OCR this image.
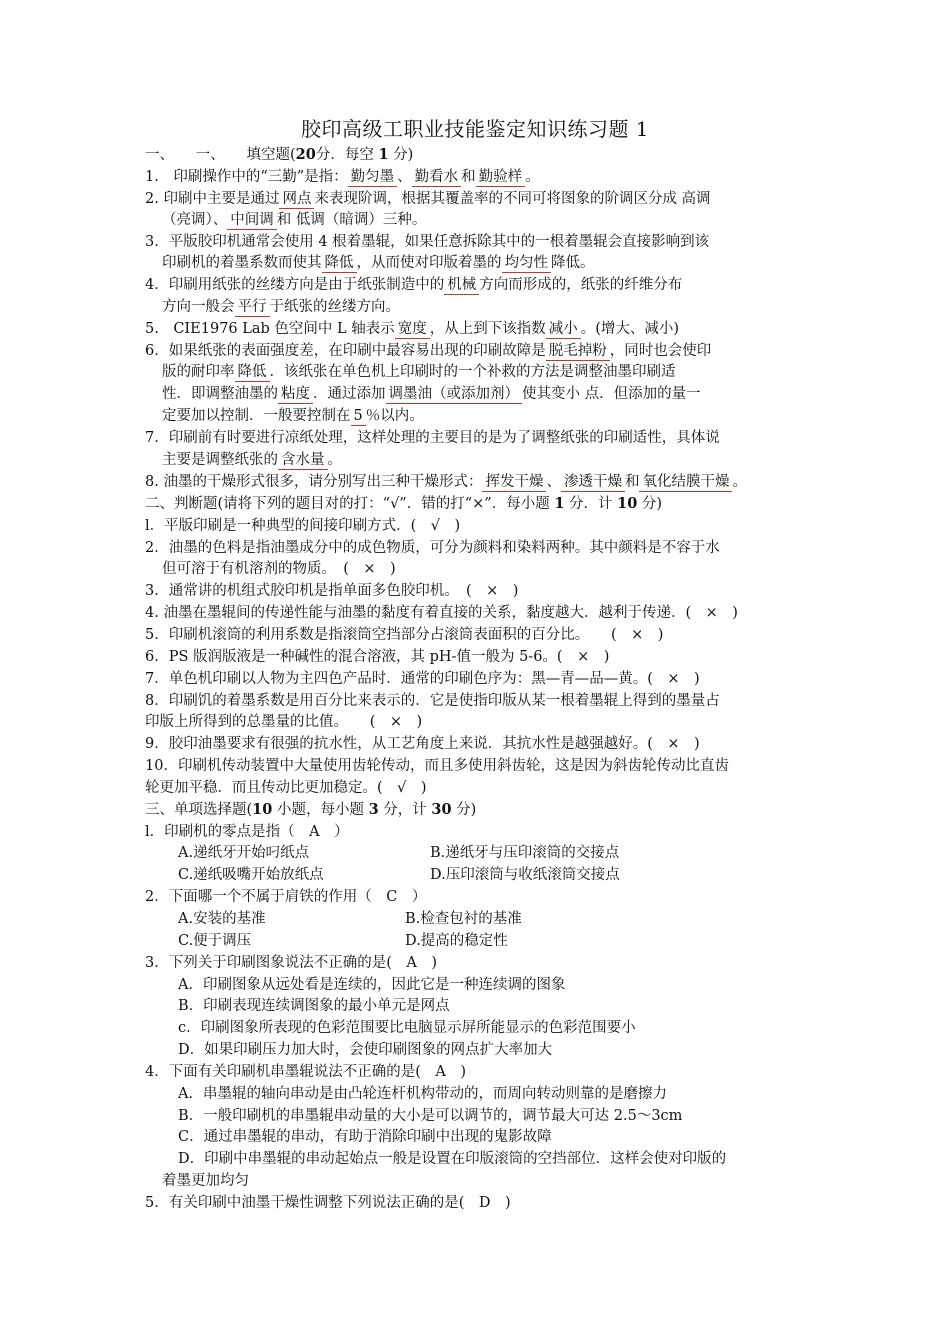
胶印高级工职业技能鉴定知识练习题 1
一、　　一、　　填空题(20分．每空 1 分)
1.　印刷操作中的“三勤”是指： 勤匀墨 、 勤看水 和 勤验样 。
2. 印刷中主要是通过 网点 来表现阶调，根据其覆盖率的不同可将图象的阶调区分成 高调
（亮调）、 中间调 和 低调（暗调）三种。
3．平版胶印机通常会使用 4 根着墨辊，如果任意拆除其中的一根着墨辊会直接影响到该
印刷机的着墨系数而使其 降低 ，从而使对印版着墨的 均匀性 降低。
4．印刷用纸张的丝缕方向是由于纸张制造中的 机械 方向而形成的，纸张的纤维分布
方向一般会 平行 于纸张的丝缕方向。
5.　CIE1976 Lab 色空间中 L 轴表示 宽度 ，从上到下该指数 减小 。(增大、减小)
6．如果纸张的表面强度差，在印刷中最容易出现的印刷故障是 脱毛掉粉 ，同时也会使印
版的耐印率 降低 ．该纸张在单色机上印刷时的一个补救的方法是调整油墨印刷适
性．即调整油墨的 粘度 ．通过添加 调墨油（或添加剂） 使其变小 点．但添加的量一
定要加以控制．一般要控制在 5 ％以内。
7．印刷前有时要进行凉纸处理，这样处理的主要目的是为了调整纸张的印刷适性，具体说
主要是调整纸张的 含水量 。
8. 油墨的干燥形式很多，请分别写出三种干燥形式： 挥发干燥 、 渗透干燥 和 氧化结膜干燥 。
二、判断题(请将下列的题目对的打：“√”．错的打“×”．每小题 1 分．计 10 分)
l．平版印刷是一种典型的间接印刷方式．(　√　)
2．油墨的色料是指油墨成分中的成色物质，可分为颜料和染料两种。其中颜料是不容于水
但可溶于有机溶剂的物质。　(　×　)
3．通常讲的机组式胶印机是指单面多色胶印机。　(　×　)
4. 油墨在墨辊间的传递性能与油墨的黏度有着直接的关系，黏度越大．越利于传递．(　×　)
5．印刷机滚筒的利用系数是指滚筒空挡部分占滚筒表面积的百分比。　　(　×　)
6．PS 版润版液是一种碱性的混合溶液，其 pH-值一般为 5-6。(　×　)
7．单色机印刷以人物为主四色产品时．通常的印刷色序为：黑—青—品—黄。(　×　)
8．印刷饥的着墨系数是用百分比来表示的．它是使指印版从某一根着墨辊上得到的墨量占
印版上所得到的总墨量的比值。　　(　×　)
9．胶印油墨要求有很强的抗水性，从工艺角度上来说．其抗水性是越强越好。(　×　)
10．印刷机传动装置中大量使用齿轮传动，而且多使用斜齿轮，这是因为斜齿轮传动比直齿
轮更加平稳．而且传动比更加稳定。(　√　)
三、单项选择题(10 小题，每小题 3 分，计 30 分)
l．印刷机的零点是指（　A　）
A.递纸牙开始叼纸点	B.递纸牙与压印滚筒的交接点
C.递纸吸嘴开始放纸点	D.压印滚筒与收纸滚筒交接点
2．下面哪一个不属于肩铁的作用（　C　）
A.安装的基准	B.检查包衬的基准
C.便于调压	D.提高的稳定性
3．下列关于印刷图象说法不正确的是(　A　)
A．印刷图象从远处看是连续的，因此它是一种连续调的图象
B．印刷表现连续调图象的最小单元是网点
c．印刷图象所表现的色彩范围要比电脑显示屏所能显示的色彩范围要小
D．如果印刷压力加大时，会使印刷图象的网点扩大率加大
4．下面有关印刷机串墨辊说法不正确的是(　A　)
A．串墨辊的轴向串动是由凸轮连杆机构带动的，而周向转动则靠的是磨擦力
B．一般印刷机的串墨辊串动量的大小是可以调节的，调节最大可达 2.5～3cm
C．通过串墨辊的串动，有助于消除印刷中出现的鬼影故障
D．印刷中串墨辊的串动起始点一般是设置在印版滚筒的空挡部位．这样会使对印版的
着墨更加均匀
5．有关印刷中油墨干燥性调整下列说法正确的是(　D　)
